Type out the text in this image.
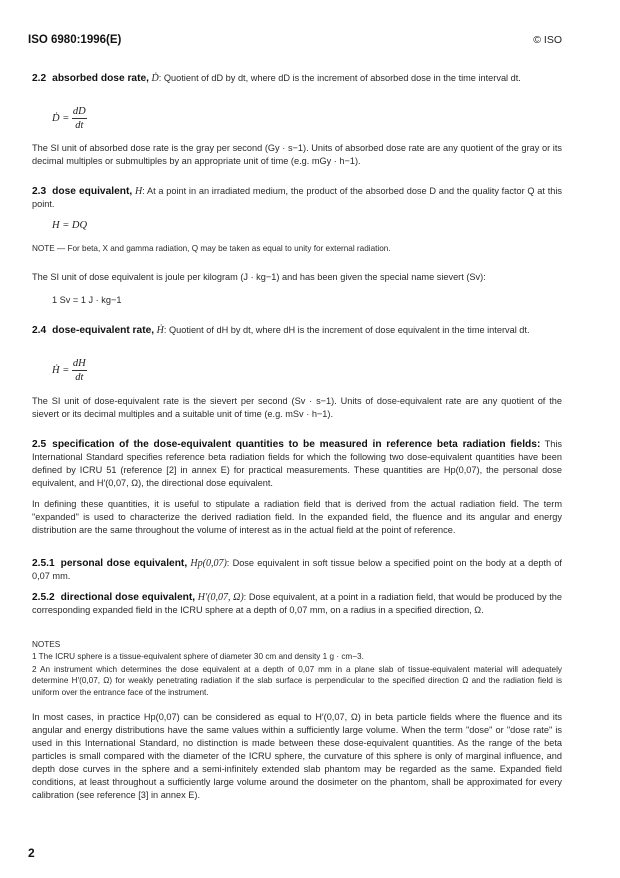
ISO 6980:1996(E)	© ISO
2.2 absorbed dose rate, Ḋ: Quotient of dD by dt, where dD is the increment of absorbed dose in the time interval dt.
Ḋ = $\frac{dD}{dt}$
The SI unit of absorbed dose rate is the gray per second (Gy · s−1). Units of absorbed dose rate are any quotient of the gray or its decimal multiples or submultiples by an appropriate unit of time (e.g. mGy · h−1).
2.3 dose equivalent, H: At a point in an irradiated medium, the product of the absorbed dose D and the quality factor Q at this point.
H = DQ
NOTE — For beta, X and gamma radiation, Q may be taken as equal to unity for external radiation.
The SI unit of dose equivalent is joule per kilogram (J · kg−1) and has been given the special name sievert (Sv):
1 Sv = 1 J · kg−1
2.4 dose-equivalent rate, Ḣ: Quotient of dH by dt, where dH is the increment of dose equivalent in the time interval dt.
Ḣ = $\frac{dH}{dt}$
The SI unit of dose-equivalent rate is the sievert per second (Sv · s−1). Units of dose-equivalent rate are any quotient of the sievert or its decimal multiples and a suitable unit of time (e.g. mSv · h−1).
2.5 specification of the dose-equivalent quantities to be measured in reference beta radiation fields: This International Standard specifies reference beta radiation fields for which the following two dose-equivalent quantities have been defined by ICRU 51 (reference [2] in annex E) for practical measurements. These quantities are Hp(0,07), the personal dose equivalent, and H′(0,07, Ω), the directional dose equivalent.
In defining these quantities, it is useful to stipulate a radiation field that is derived from the actual radiation field. The term "expanded" is used to characterize the derived radiation field. In the expanded field, the fluence and its angular and energy distribution are the same throughout the volume of interest as in the actual field at the point of reference.
2.5.1 personal dose equivalent, Hp(0,07): Dose equivalent in soft tissue below a specified point on the body at a depth of 0,07 mm.
2.5.2 directional dose equivalent, H′(0,07, Ω): Dose equivalent, at a point in a radiation field, that would be produced by the corresponding expanded field in the ICRU sphere at a depth of 0,07 mm, on a radius in a specified direction, Ω.
NOTES
1 The ICRU sphere is a tissue-equivalent sphere of diameter 30 cm and density 1 g · cm−3.
2 An instrument which determines the dose equivalent at a depth of 0,07 mm in a plane slab of tissue-equivalent material will adequately determine H′(0,07, Ω) for weakly penetrating radiation if the slab surface is perpendicular to the specified direction Ω and the radiation field is uniform over the entrance face of the instrument.
In most cases, in practice Hp(0,07) can be considered as equal to H′(0,07, Ω) in beta particle fields where the fluence and its angular and energy distributions have the same values within a sufficiently large volume. When the term "dose" or "dose rate" is used in this International Standard, no distinction is made between these dose-equivalent quantities. As the range of the beta particles is small compared with the diameter of the ICRU sphere, the curvature of this sphere is only of marginal influence, and depth dose curves in the sphere and a semi-infinitely extended slab phantom may be regarded as the same. Expanded field conditions, at least throughout a sufficiently large volume around the dosimeter on the phantom, shall be approximated for every calibration (see reference [3] in annex E).
2
